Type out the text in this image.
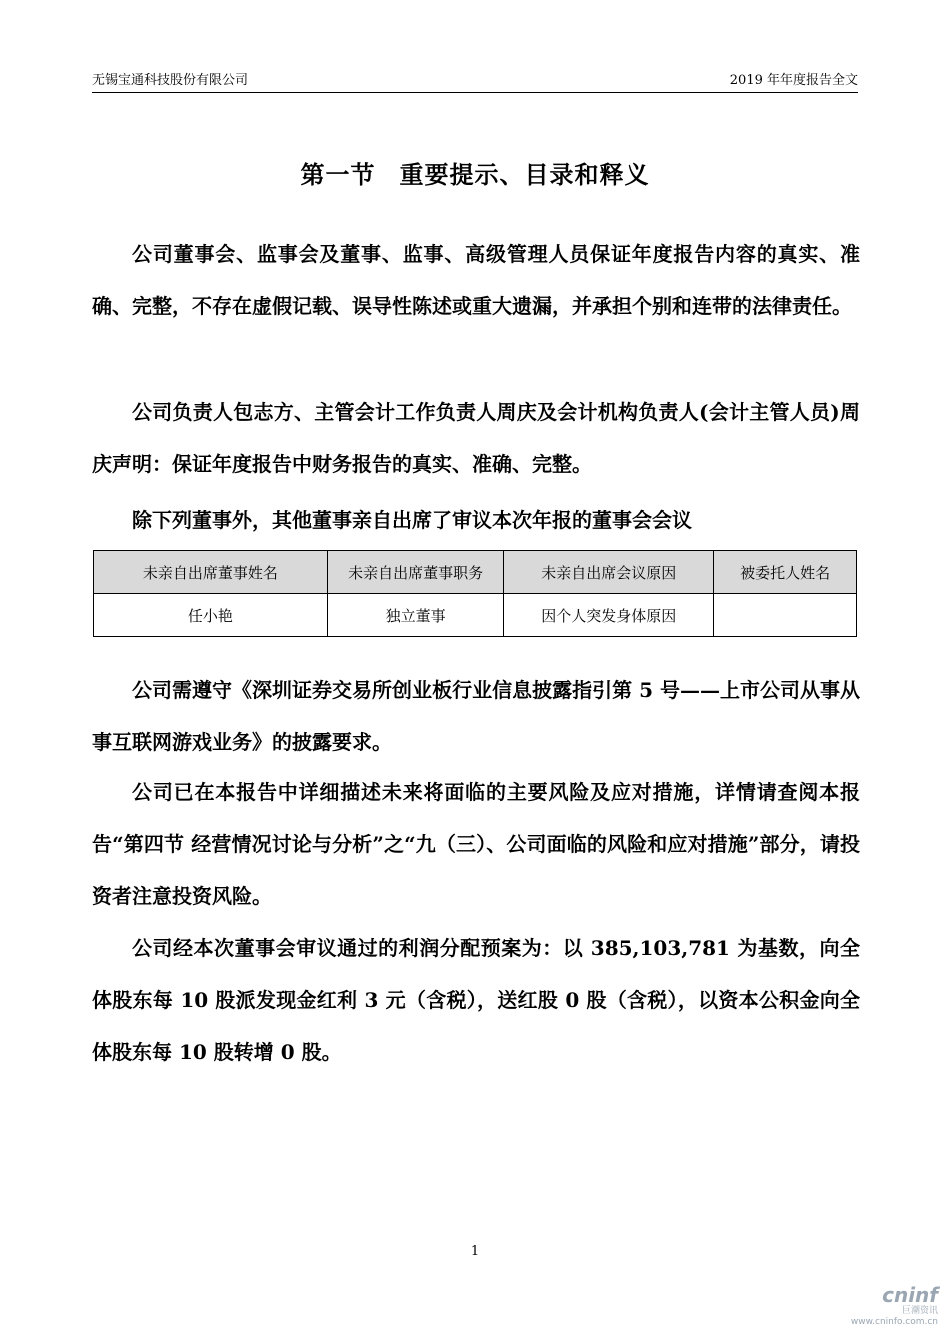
无锡宝通科技股份有限公司	2019 年年度报告全文
第一节 重要提示、目录和释义

公司董事会、监事会及董事、监事、高级管理人员保证年度报告内容的真实、准确、完整，不存在虚假记载、误导性陈述或重大遗漏，并承担个别和连带的法律责任。

公司负责人包志方、主管会计工作负责人周庆及会计机构负责人(会计主管人员)周庆声明：保证年度报告中财务报告的真实、准确、完整。

除下列董事外，其他董事亲自出席了审议本次年报的董事会会议

未亲自出席董事姓名	未亲自出席董事职务	未亲自出席会议原因	被委托人姓名
任小艳	独立董事	因个人突发身体原因	

公司需遵守《深圳证券交易所创业板行业信息披露指引第 5 号——上市公司从事从事互联网游戏业务》的披露要求。

公司已在本报告中详细描述未来将面临的主要风险及应对措施，详情请查阅本报告“第四节 经营情况讨论与分析”之“九（三）、公司面临的风险和应对措施”部分，请投资者注意投资风险。

公司经本次董事会审议通过的利润分配预案为：以 385,103,781 为基数，向全体股东每 10 股派发现金红利 3 元（含税），送红股 0 股（含税），以资本公积金向全体股东每 10 股转增 0 股。

1
cninf
巨潮资讯
www.cninfo.com.cn
